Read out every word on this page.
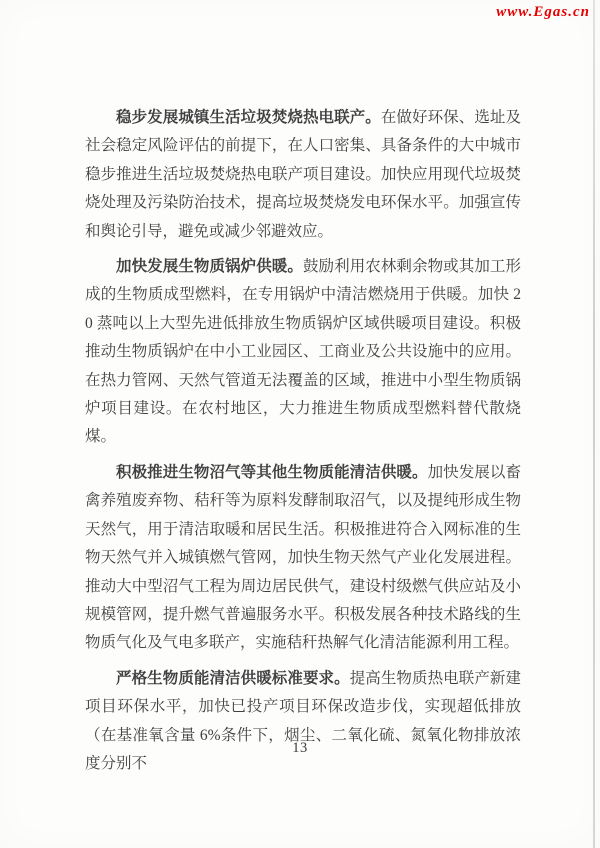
www.Egas.cn

稳步发展城镇生活垃圾焚烧热电联产。在做好环保、选址及社会稳定风险评估的前提下，在人口密集、具备条件的大中城市稳步推进生活垃圾焚烧热电联产项目建设。加快应用现代垃圾焚烧处理及污染防治技术，提高垃圾焚烧发电环保水平。加强宣传和舆论引导，避免或减少邻避效应。

加快发展生物质锅炉供暖。鼓励利用农林剩余物或其加工形成的生物质成型燃料，在专用锅炉中清洁燃烧用于供暖。加快 20 蒸吨以上大型先进低排放生物质锅炉区域供暖项目建设。积极推动生物质锅炉在中小工业园区、工商业及公共设施中的应用。在热力管网、天然气管道无法覆盖的区域，推进中小型生物质锅炉项目建设。在农村地区，大力推进生物质成型燃料替代散烧煤。

积极推进生物沼气等其他生物质能清洁供暖。加快发展以畜禽养殖废弃物、秸秆等为原料发酵制取沼气，以及提纯形成生物天然气，用于清洁取暖和居民生活。积极推进符合入网标准的生物天然气并入城镇燃气管网，加快生物天然气产业化发展进程。推动大中型沼气工程为周边居民供气，建设村级燃气供应站及小规模管网，提升燃气普遍服务水平。积极发展各种技术路线的生物质气化及气电多联产，实施秸秆热解气化清洁能源利用工程。

严格生物质能清洁供暖标准要求。提高生物质热电联产新建项目环保水平，加快已投产项目环保改造步伐，实现超低排放（在基准氧含量 6%条件下，烟尘、二氧化硫、氮氧化物排放浓度分别不

13
